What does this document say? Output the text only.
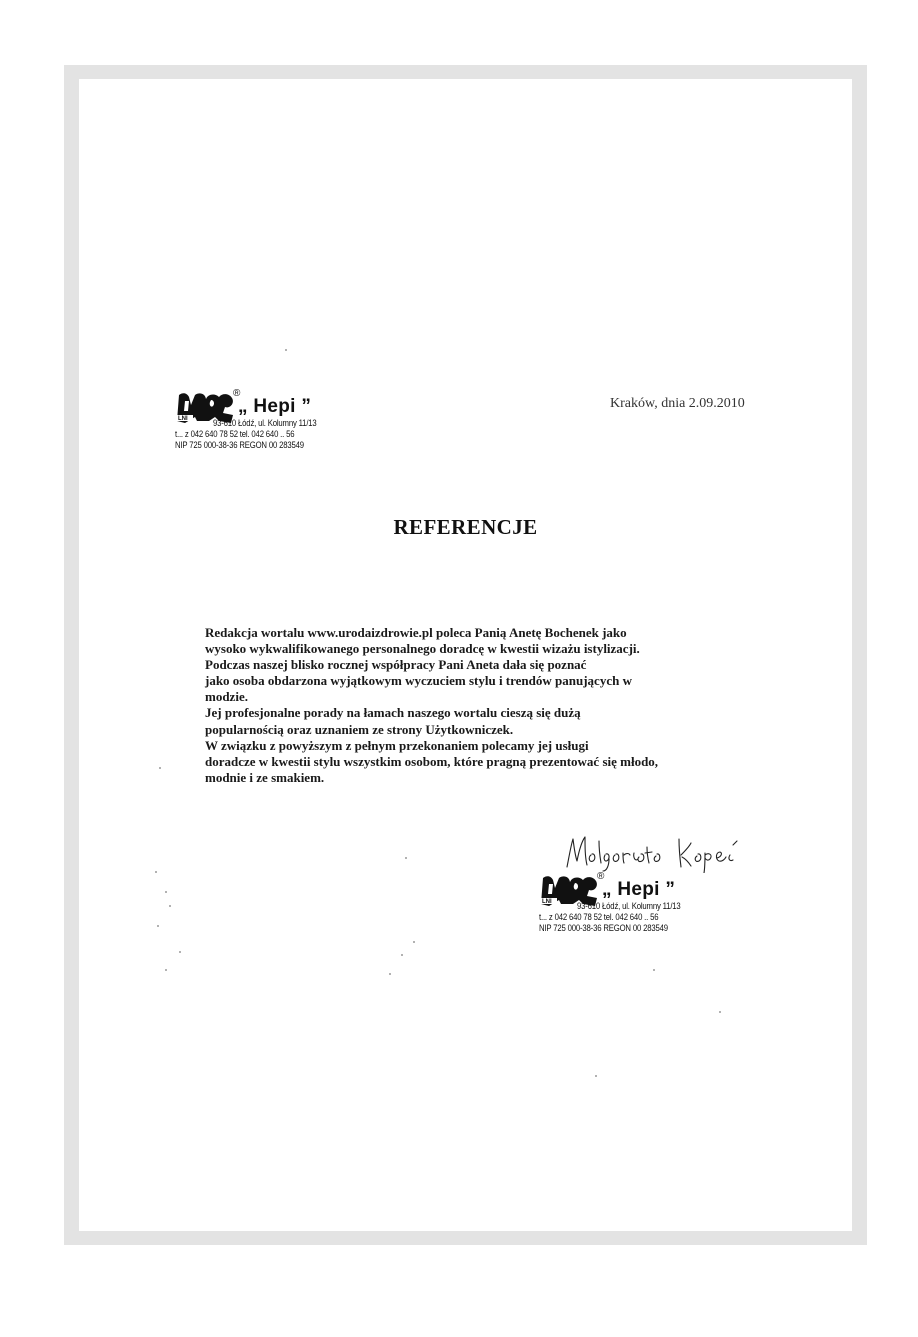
LNI
®
„ Hepi ”
93-610 Łódź, ul. Kolumny 11/13
t... z 042 640 78 52 tel. 042 640 .. 56
NIP 725 000-38-36 REGON 00 283549
Kraków, dnia 2.09.2010
REFERENCJE
Redakcja wortalu www.urodaizdrowie.pl poleca Panią Anetę Bochenek jako
wysoko wykwalifikowanego personalnego doradcę w kwestii wizażu istylizacji.
Podczas naszej blisko rocznej współpracy Pani Aneta dała się poznać
jako osoba obdarzona wyjątkowym wyczuciem stylu i trendów panujących w
modzie.
Jej profesjonalne porady na łamach naszego wortalu cieszą się dużą
popularnością oraz uznaniem ze strony Użytkowniczek.
W związku z powyższym z pełnym przekonaniem polecamy jej usługi
doradcze w kwestii stylu wszystkim osobom, które pragną prezentować się młodo,
modnie i ze smakiem.
LNI
®
„ Hepi ”
93-610 Łódź, ul. Kolumny 11/13
t... z 042 640 78 52 tel. 042 640 .. 56
NIP 725 000-38-36 REGON 00 283549
